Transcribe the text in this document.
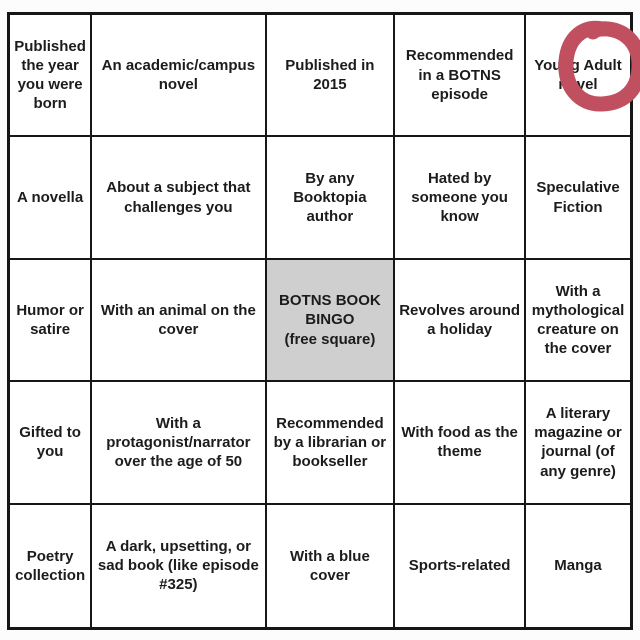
Published the year you were born
An academic/campus novel
Published in 2015
Recommended in a BOTNS episode
Young Adult novel
A novella
About a subject that challenges you
By any Booktopia author
Hated by someone you know
Speculative Fiction
Humor or satire
With an animal on the cover
BOTNS BOOK BINGO
(free square)
Revolves around a holiday
With a mythological creature on the cover
Gifted to you
With a protagonist/narrator over the age of 50
Recommended by a librarian or bookseller
With food as the theme
A literary magazine or journal (of any genre)
Poetry collection
A dark, upsetting, or sad book (like episode #325)
With a blue cover
Sports-related	Manga
